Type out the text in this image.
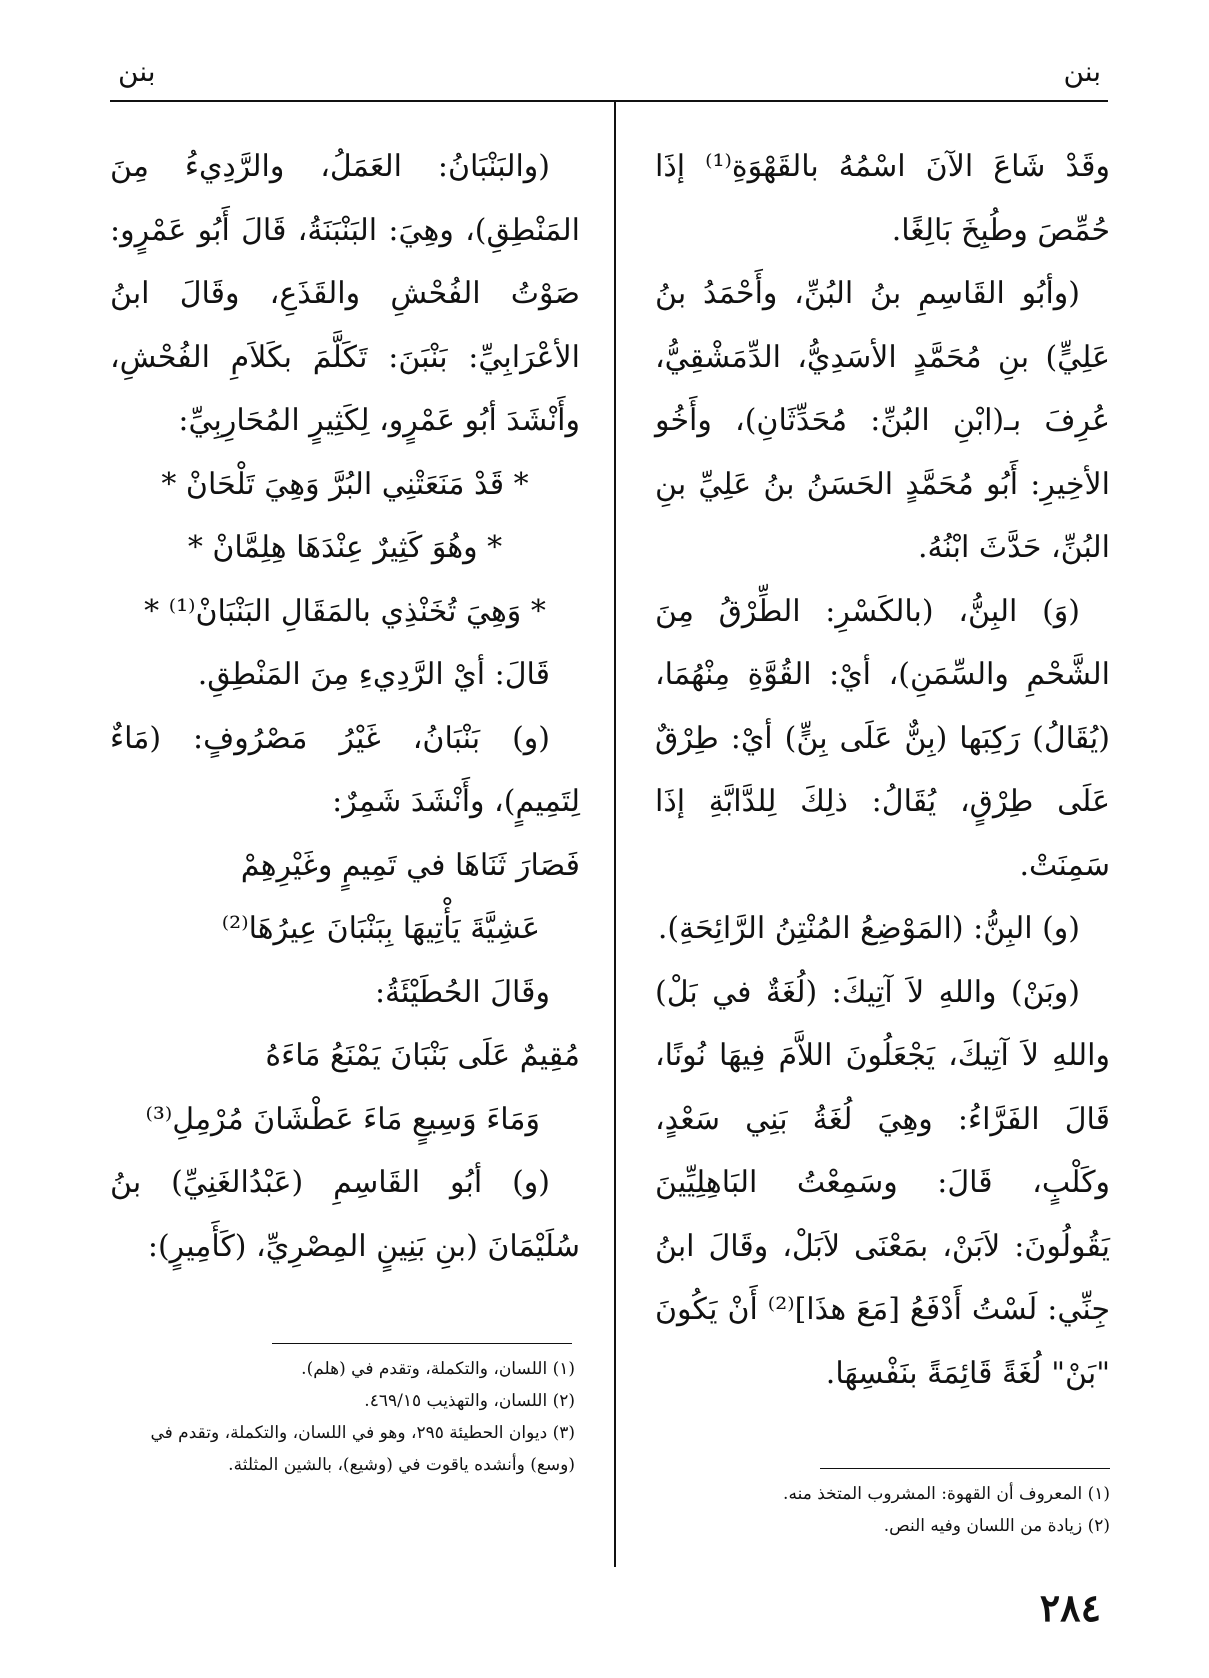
بنن
بنن

وقَدْ شَاعَ الآنَ اسْمُهُ بالقَهْوَةِ⁽¹⁾ إذَا حُمِّصَ وطُبِخَ بَالِغًا.

(وأبُو القَاسِمِ بنُ البُنِّ، وأَحْمَدُ بنُ عَلِيٍّ) بنِ مُحَمَّدٍ الأسَدِيُّ، الدِّمَشْقِيُّ، عُرِفَ بـ(ابْنِ البُنِّ: مُحَدِّثَانِ)، وأَخُو الأخِيرِ: أَبُو مُحَمَّدٍ الحَسَنُ بنُ عَلِيِّ بنِ البُنِّ، حَدَّثَ ابْنُهُ.

(وَ) البِنُّ، (بالكَسْرِ: الطِّرْقُ مِنَ الشَّحْمِ والسِّمَنِ)، أيْ: القُوَّةِ مِنْهُمَا، (يُقَالُ) رَكِبَها (بِنٌّ عَلَى بِنٍّ) أيْ: طِرْقٌ عَلَى طِرْقٍ، يُقَالُ: ذلِكَ لِلدَّابَّةِ إذَا سَمِنَتْ.

(و) البِنُّ: (المَوْضِعُ المُنْتِنُ الرَّائِحَةِ).

(وبَنْ) واللهِ لاَ آتِيكَ: (لُغَةٌ في بَلْ) واللهِ لاَ آتِيكَ، يَجْعَلُونَ اللاَّمَ فِيهَا نُونًا، قَالَ الفَرَّاءُ: وهِيَ لُغَةُ بَنِي سَعْدٍ، وكَلْبٍ، قَالَ: وسَمِعْتُ البَاهِلِيِّينَ يَقُولُونَ: لاَبَنْ، بمَعْنَى لاَبَلْ، وقَالَ ابنُ جِنِّي: لَسْتُ أَدْفَعُ [مَعَ هذَا]⁽²⁾ أَنْ يَكُونَ "بَنْ" لُغَةً قَائِمَةً بنَفْسِهَا.

(١) المعروف أن القهوة: المشروب المتخذ منه.

(٢) زيادة من اللسان وفيه النص.

(والبَنْبَانُ: العَمَلُ، والرَّدِيءُ مِنَ المَنْطِقِ)، وهِيَ: البَنْبَنَةُ، قَالَ أَبُو عَمْرٍو: صَوْتُ الفُحْشِ والقَذَعِ، وقَالَ ابنُ الأعْرَابِيِّ: بَنْبَنَ: تَكَلَّمَ بكَلاَمِ الفُحْشِ، وأَنْشَدَ أبُو عَمْرٍو، لِكَثِيرٍ المُحَارِبِيِّ:

* قَدْ مَنَعَتْنِي البُرَّ وَهِيَ تَلْحَانْ *

* وهُوَ كَثِيرٌ عِنْدَهَا هِلِمَّانْ *

* وَهِيَ تُخَنْذِي بالمَقَالِ البَنْبَانْ⁽¹⁾ *

قَالَ: أيْ الرَّدِيءِ مِنَ المَنْطِقِ.

(و) بَنْبَانُ، غَيْرُ مَصْرُوفٍ: (مَاءٌ لِتَمِيمٍ)، وأَنْشَدَ شَمِرٌ:

فَصَارَ ثَنَاهَا في تَمِيمٍ وغَيْرِهِمْ

عَشِيَّةَ يَأْتِيهَا بِبَنْبَانَ عِيرُهَا⁽²⁾

وقَالَ الحُطَيْئَةُ:

مُقِيمٌ عَلَى بَنْبَانَ يَمْنَعُ مَاءَهُ

وَمَاءَ وَسِيعٍ مَاءَ عَطْشَانَ مُرْمِلِ⁽³⁾

(و) أبُو القَاسِمِ (عَبْدُالغَنِيِّ) بنُ سُلَيْمَانَ (بنِ بَنِينٍ المِصْرِيِّ، (كَأَمِيرٍ):

(١) اللسان، والتكملة، وتقدم في (هلم).

(٢) اللسان، والتهذيب ٤٦٩/١٥.

(٣) ديوان الحطيئة ٢٩٥، وهو في اللسان، والتكملة، وتقدم في (وسع) وأنشده ياقوت في (وشيع)، بالشين المثلثة.

٢٨٤
